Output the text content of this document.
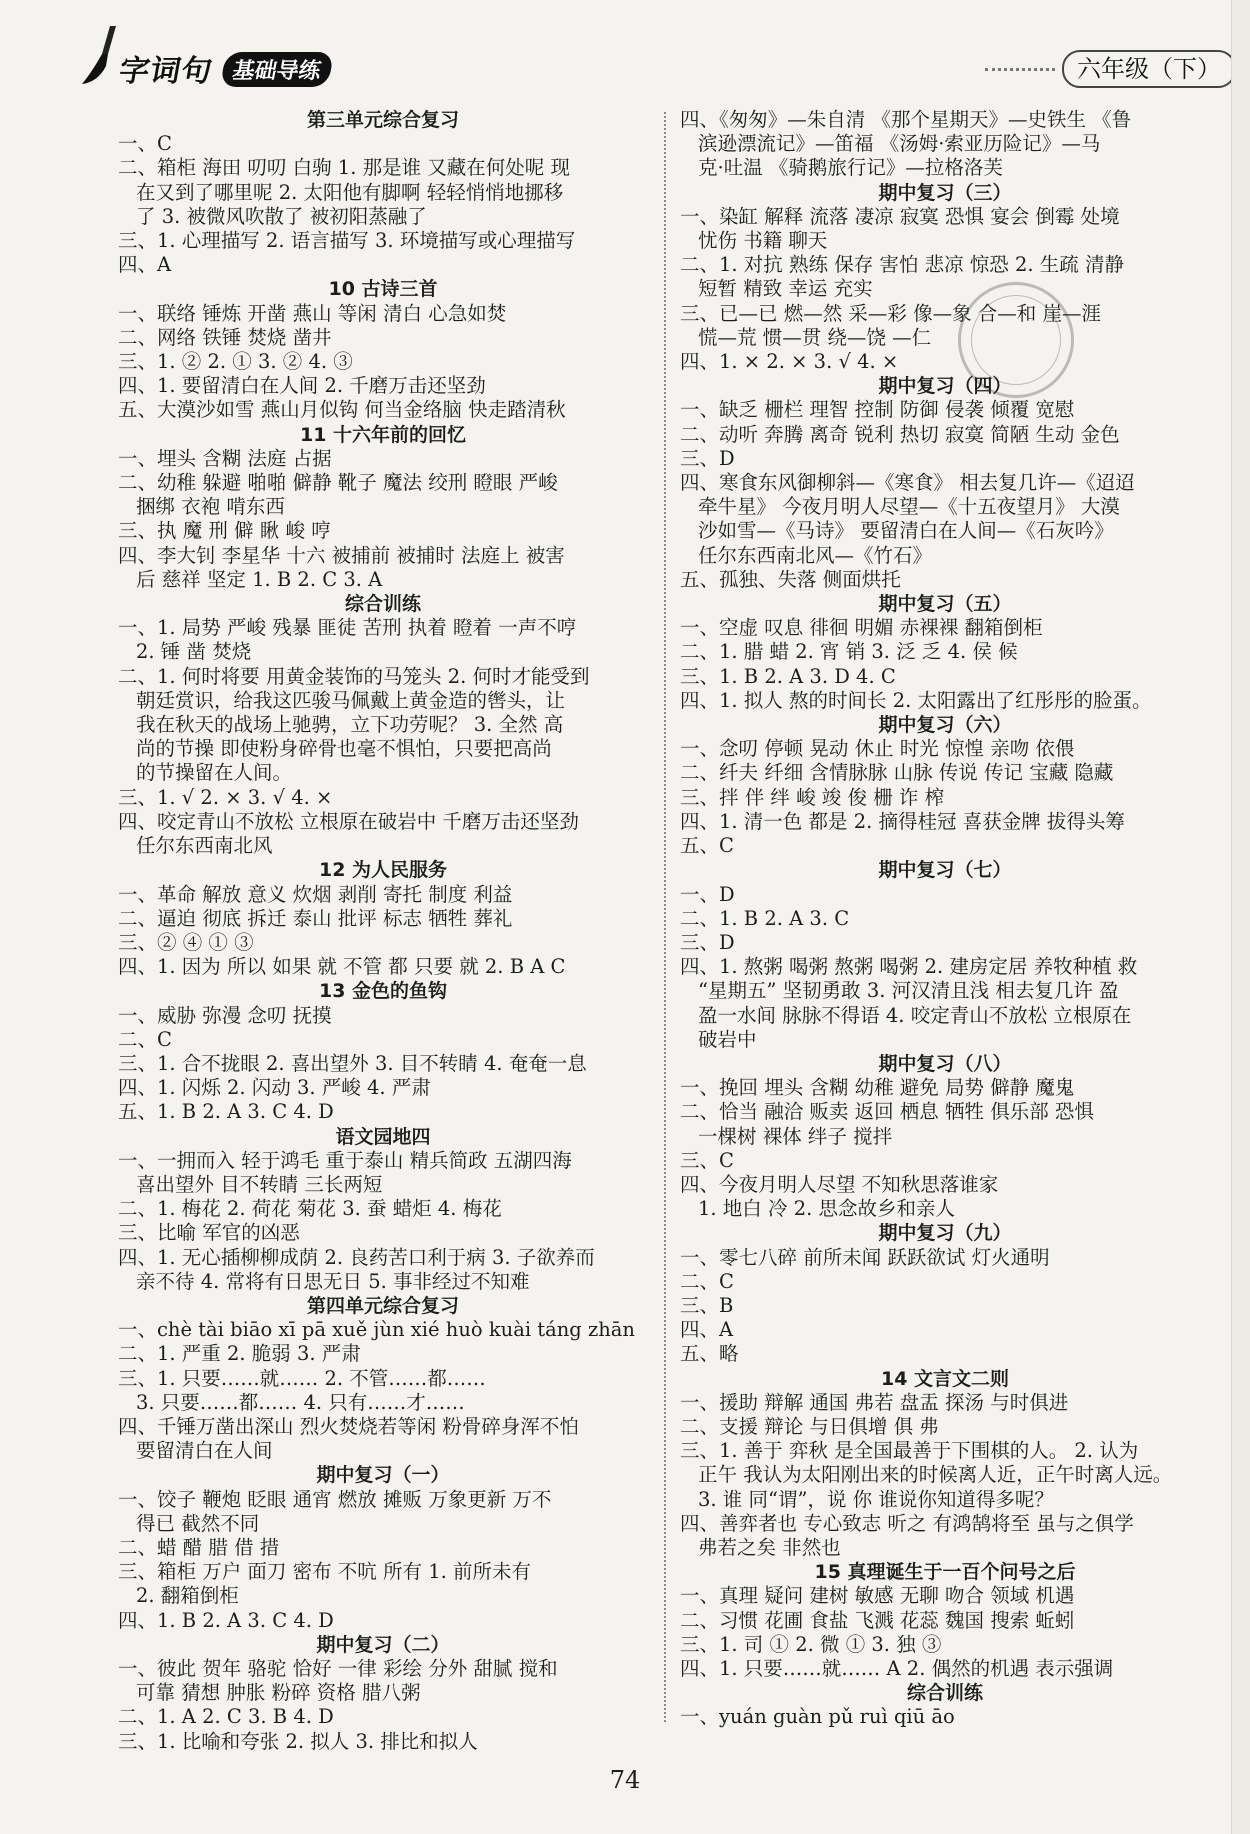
字词句 基础导练	六年级（下）
第三单元综合复习
一、C
二、箱柜 海田 叨叨 白驹 1. 那是谁 又藏在何处呢 现
在又到了哪里呢 2. 太阳他有脚啊 轻轻悄悄地挪移
了 3. 被微风吹散了 被初阳蒸融了
三、1. 心理描写 2. 语言描写 3. 环境描写或心理描写
四、A
10 古诗三首
一、联络 锤炼 开凿 燕山 等闲 清白 心急如焚
二、网络 铁锤 焚烧 凿井
三、1. ② 2. ① 3. ② 4. ③
四、1. 要留清白在人间 2. 千磨万击还坚劲
五、大漠沙如雪 燕山月似钩 何当金络脑 快走踏清秋
11 十六年前的回忆
一、埋头 含糊 法庭 占据
二、幼稚 躲避 啪啪 僻静 靴子 魔法 绞刑 瞪眼 严峻
捆绑 衣袍 啃东西
三、执 魔 刑 僻 瞅 峻 哼
四、李大钊 李星华 十六 被捕前 被捕时 法庭上 被害
后 慈祥 坚定 1. B 2. C 3. A
综合训练
一、1. 局势 严峻 残暴 匪徒 苦刑 执着 瞪着 一声不哼
2. 锤 凿 焚烧
二、1. 何时将要 用黄金装饰的马笼头 2. 何时才能受到
朝廷赏识，给我这匹骏马佩戴上黄金造的辔头，让
我在秋天的战场上驰骋，立下功劳呢？ 3. 全然 高
尚的节操 即使粉身碎骨也毫不惧怕，只要把高尚
的节操留在人间。
三、1. √ 2. × 3. √ 4. ×
四、咬定青山不放松 立根原在破岩中 千磨万击还坚劲
任尔东西南北风
12 为人民服务
一、革命 解放 意义 炊烟 剥削 寄托 制度 利益
二、逼迫 彻底 拆迁 泰山 批评 标志 牺牲 葬礼
三、② ④ ① ③
四、1. 因为 所以 如果 就 不管 都 只要 就 2. B A C
13 金色的鱼钩
一、威胁 弥漫 念叨 抚摸
二、C
三、1. 合不拢眼 2. 喜出望外 3. 目不转睛 4. 奄奄一息
四、1. 闪烁 2. 闪动 3. 严峻 4. 严肃
五、1. B 2. A 3. C 4. D
语文园地四
一、一拥而入 轻于鸿毛 重于泰山 精兵简政 五湖四海
喜出望外 目不转睛 三长两短
二、1. 梅花 2. 荷花 菊花 3. 蚕 蜡炬 4. 梅花
三、比喻 军官的凶恶
四、1. 无心插柳柳成荫 2. 良药苦口利于病 3. 子欲养而
亲不待 4. 常将有日思无日 5. 事非经过不知难
第四单元综合复习
一、chè tài biāo xī pā xuě jùn xié huò kuài táng zhān
二、1. 严重 2. 脆弱 3. 严肃
三、1. 只要……就…… 2. 不管……都……
3. 只要……都…… 4. 只有……才……
四、千锤万凿出深山 烈火焚烧若等闲 粉骨碎身浑不怕
要留清白在人间
期中复习（一）
一、饺子 鞭炮 眨眼 通宵 燃放 摊贩 万象更新 万不
得已 截然不同
二、蜡 醋 腊 借 措
三、箱柜 万户 面刀 密布 不吭 所有 1. 前所未有
2. 翻箱倒柜
四、1. B 2. A 3. C 4. D
期中复习（二）
一、彼此 贺年 骆驼 恰好 一律 彩绘 分外 甜腻 搅和
可靠 猜想 肿胀 粉碎 资格 腊八粥
二、1. A 2. C 3. B 4. D
三、1. 比喻和夸张 2. 拟人 3. 排比和拟人
四、《匆匆》—朱自清 《那个星期天》—史铁生 《鲁
滨逊漂流记》—笛福 《汤姆·索亚历险记》—马
克·吐温 《骑鹅旅行记》—拉格洛芙
期中复习（三）
一、染缸 解释 流落 凄凉 寂寞 恐惧 宴会 倒霉 处境
忧伤 书籍 聊天
二、1. 对抗 熟练 保存 害怕 悲凉 惊恐 2. 生疏 清静
短暂 精致 幸运 充实
三、已—已 燃—然 采—彩 像—象 合—和 崖—涯
慌—荒 惯—贯 绕—饶 —仁
四、1. × 2. × 3. √ 4. ×
期中复习（四）
一、缺乏 栅栏 理智 控制 防御 侵袭 倾覆 宽慰
二、动听 奔腾 离奇 锐利 热切 寂寞 简陋 生动 金色
三、D
四、寒食东风御柳斜—《寒食》 相去复几许—《迢迢
牵牛星》 今夜月明人尽望—《十五夜望月》 大漠
沙如雪—《马诗》 要留清白在人间—《石灰吟》
任尔东西南北风—《竹石》
五、孤独、失落 侧面烘托
期中复习（五）
一、空虚 叹息 徘徊 明媚 赤裸裸 翻箱倒柜
二、1. 腊 蜡 2. 宵 销 3. 泛 乏 4. 侯 候
三、1. B 2. A 3. D 4. C
四、1. 拟人 熬的时间长 2. 太阳露出了红彤彤的脸蛋。
期中复习（六）
一、念叨 停顿 晃动 休止 时光 惊惶 亲吻 依偎
二、纤夫 纤细 含情脉脉 山脉 传说 传记 宝藏 隐藏
三、拌 伴 绊 峻 竣 俊 栅 诈 榨
四、1. 清一色 都是 2. 摘得桂冠 喜获金牌 拔得头筹
五、C
期中复习（七）
一、D
二、1. B 2. A 3. C
三、D
四、1. 熬粥 喝粥 熬粥 喝粥 2. 建房定居 养牧种植 救
“星期五” 坚韧勇敢 3. 河汉清且浅 相去复几许 盈
盈一水间 脉脉不得语 4. 咬定青山不放松 立根原在
破岩中
期中复习（八）
一、挽回 埋头 含糊 幼稚 避免 局势 僻静 魔鬼
二、恰当 融洽 贩卖 返回 栖息 牺牲 俱乐部 恐惧
一棵树 裸体 绊子 搅拌
三、C
四、今夜月明人尽望 不知秋思落谁家
1. 地白 冷 2. 思念故乡和亲人
期中复习（九）
一、零七八碎 前所未闻 跃跃欲试 灯火通明
二、C
三、B
四、A
五、略
14 文言文二则
一、援助 辩解 通国 弗若 盘盂 探汤 与时俱进
二、支援 辩论 与日俱增 俱 弗
三、1. 善于 弈秋 是全国最善于下围棋的人。 2. 认为
正午 我认为太阳刚出来的时候离人近，正午时离人远。
3. 谁 同“谓”，说 你 谁说你知道得多呢？
四、善弈者也 专心致志 听之 有鸿鹄将至 虽与之俱学
弗若之矣 非然也
15 真理诞生于一百个问号之后
一、真理 疑问 建树 敏感 无聊 吻合 领域 机遇
二、习惯 花圃 食盐 飞溅 花蕊 魏国 搜索 蚯蚓
三、1. 司 ① 2. 微 ① 3. 独 ③
四、1. 只要……就…… A 2. 偶然的机遇 表示强调
综合训练
一、yuán guàn pǔ ruì qiū āo
74
